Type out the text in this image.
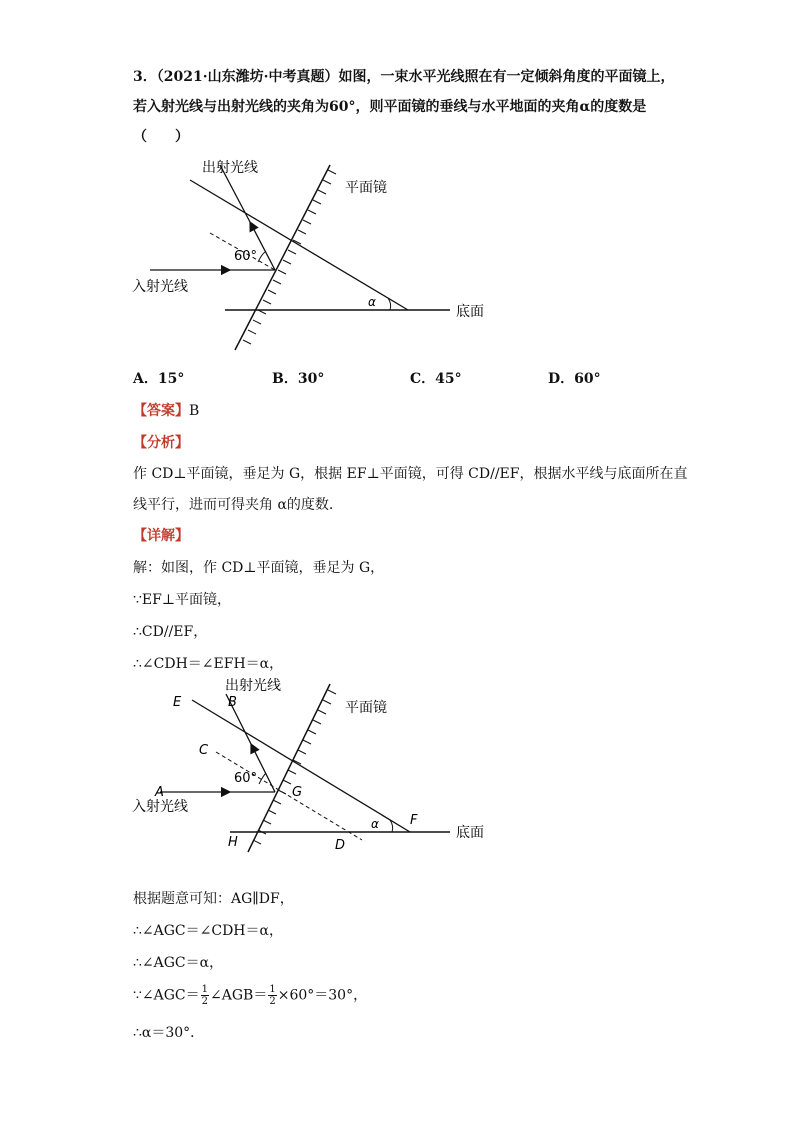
3．（2021·山东潍坊·中考真题）如图，一束水平光线照在有一定倾斜角度的平面镜上，
若入射光线与出射光线的夹角为60°，则平面镜的垂线与水平地面的夹角α的度数是
（　　）
出射光线
平面镜
60°
入射光线
α
底面
A．15°	B．30°	C．45°	D．60°
【答案】B
【分析】
作 CD⊥平面镜，垂足为 G，根据 EF⊥平面镜，可得 CD//EF，根据水平线与底面所在直
线平行，进而可得夹角 α的度数.
【详解】
解：如图，作 CD⊥平面镜，垂足为 G，
∵EF⊥平面镜，
∴CD//EF，
∴∠CDH＝∠EFH＝α，
出射光线
平面镜
60°
入射光线
α
底面
E	B
C
A	G
H	D
F
根据题意可知：AG∥DF，
∴∠AGC＝∠CDH＝α，
∴∠AGC＝α，
∵∠AGC＝ $\frac{1}{2}$ ∠AGB＝ $\frac{1}{2} \times 60^\circ=30^\circ$，
∴α＝30°．
